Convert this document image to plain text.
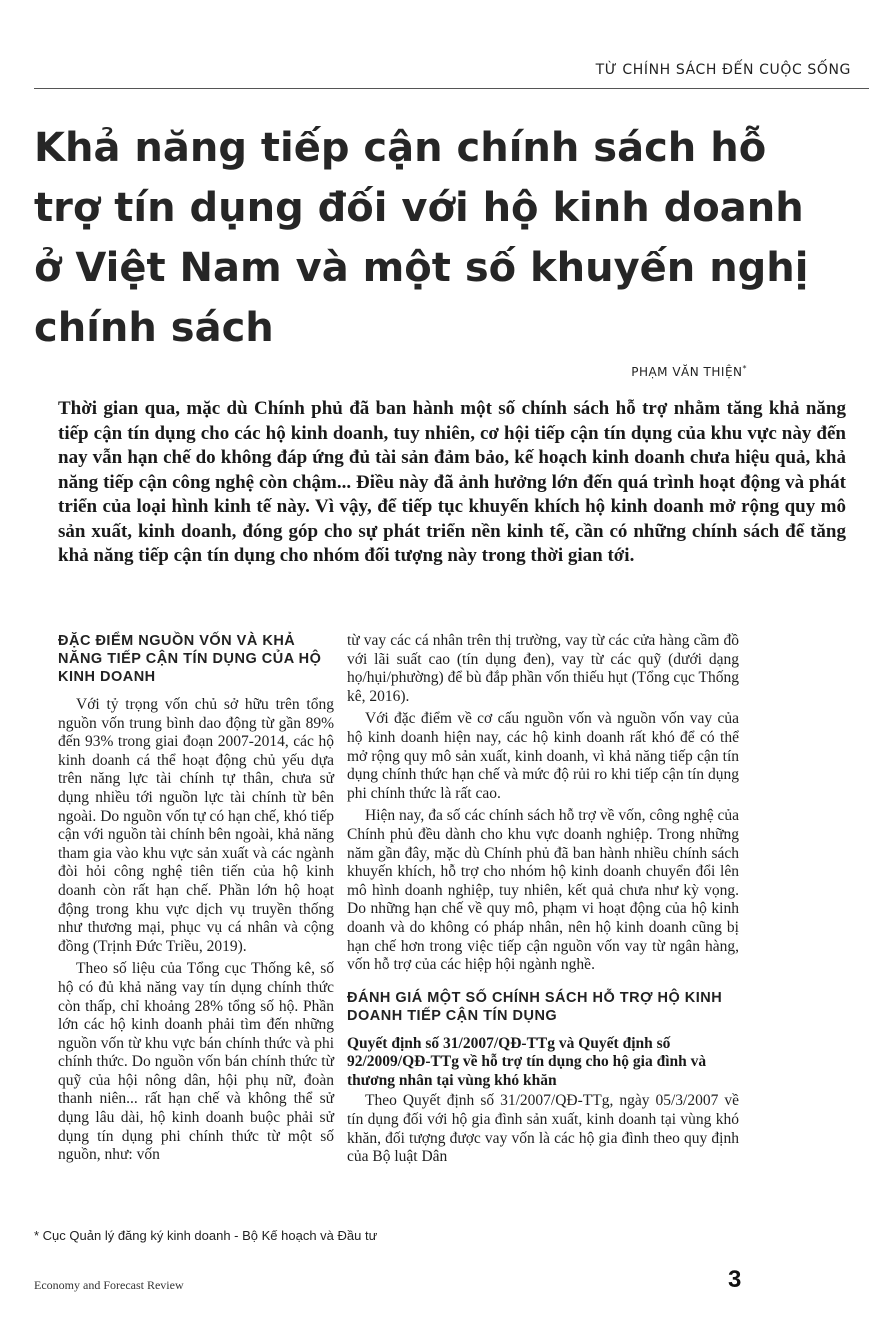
TỪ CHÍNH SÁCH ĐẾN CUỘC SỐNG
Khả năng tiếp cận chính sách hỗ trợ tín dụng đối với hộ kinh doanh ở Việt Nam và một số khuyến nghị chính sách
PHẠM VĂN THIỆN*

Thời gian qua, mặc dù Chính phủ đã ban hành một số chính sách hỗ trợ nhằm tăng khả năng tiếp cận tín dụng cho các hộ kinh doanh, tuy nhiên, cơ hội tiếp cận tín dụng của khu vực này đến nay vẫn hạn chế do không đáp ứng đủ tài sản đảm bảo, kế hoạch kinh doanh chưa hiệu quả, khả năng tiếp cận công nghệ còn chậm... Điều này đã ảnh hưởng lớn đến quá trình hoạt động và phát triển của loại hình kinh tế này. Vì vậy, để tiếp tục khuyến khích hộ kinh doanh mở rộng quy mô sản xuất, kinh doanh, đóng góp cho sự phát triển nền kinh tế, cần có những chính sách để tăng khả năng tiếp cận tín dụng cho nhóm đối tượng này trong thời gian tới.

ĐẶC ĐIỂM NGUỒN VỐN VÀ KHẢ NĂNG TIẾP CẬN TÍN DỤNG CỦA HỘ KINH DOANH

Với tỷ trọng vốn chủ sở hữu trên tổng nguồn vốn trung bình dao động từ gần 89% đến 93% trong giai đoạn 2007-2014, các hộ kinh doanh cá thể hoạt động chủ yếu dựa trên năng lực tài chính tự thân, chưa sử dụng nhiều tới nguồn lực tài chính từ bên ngoài. Do nguồn vốn tự có hạn chế, khó tiếp cận với nguồn tài chính bên ngoài, khả năng tham gia vào khu vực sản xuất và các ngành đòi hỏi công nghệ tiên tiến của hộ kinh doanh còn rất hạn chế. Phần lớn hộ hoạt động trong khu vực dịch vụ truyền thống như thương mại, phục vụ cá nhân và cộng đồng (Trịnh Đức Triều, 2019).

Theo số liệu của Tổng cục Thống kê, số hộ có đủ khả năng vay tín dụng chính thức còn thấp, chỉ khoảng 28% tổng số hộ. Phần lớn các hộ kinh doanh phải tìm đến những nguồn vốn từ khu vực bán chính thức và phi chính thức. Do nguồn vốn bán chính thức từ quỹ của hội nông dân, hội phụ nữ, đoàn thanh niên... rất hạn chế và không thể sử dụng lâu dài, hộ kinh doanh buộc phải sử dụng tín dụng phi chính thức từ một số nguồn, như: vốn

từ vay các cá nhân trên thị trường, vay từ các cửa hàng cầm đồ với lãi suất cao (tín dụng đen), vay từ các quỹ (dưới dạng họ/hụi/phường) để bù đắp phần vốn thiếu hụt (Tổng cục Thống kê, 2016).

Với đặc điểm về cơ cấu nguồn vốn và nguồn vốn vay của hộ kinh doanh hiện nay, các hộ kinh doanh rất khó để có thể mở rộng quy mô sản xuất, kinh doanh, vì khả năng tiếp cận tín dụng chính thức hạn chế và mức độ rủi ro khi tiếp cận tín dụng phi chính thức là rất cao.

Hiện nay, đa số các chính sách hỗ trợ về vốn, công nghệ của Chính phủ đều dành cho khu vực doanh nghiệp. Trong những năm gần đây, mặc dù Chính phủ đã ban hành nhiều chính sách khuyến khích, hỗ trợ cho nhóm hộ kinh doanh chuyển đổi lên mô hình doanh nghiệp, tuy nhiên, kết quả chưa như kỳ vọng. Do những hạn chế về quy mô, phạm vi hoạt động của hộ kinh doanh và do không có pháp nhân, nên hộ kinh doanh cũng bị hạn chế hơn trong việc tiếp cận nguồn vốn vay từ ngân hàng, vốn hỗ trợ của các hiệp hội ngành nghề.

ĐÁNH GIÁ MỘT SỐ CHÍNH SÁCH HỖ TRỢ HỘ KINH DOANH TIẾP CẬN TÍN DỤNG
Quyết định số 31/2007/QĐ-TTg và Quyết định số 92/2009/QĐ-TTg về hỗ trợ tín dụng cho hộ gia đình và thương nhân tại vùng khó khăn

Theo Quyết định số 31/2007/QĐ-TTg, ngày 05/3/2007 về tín dụng đối với hộ gia đình sản xuất, kinh doanh tại vùng khó khăn, đối tượng được vay vốn là các hộ gia đình theo quy định của Bộ luật Dân

* Cục Quản lý đăng ký kinh doanh - Bộ Kế hoạch và Đầu tư
Economy and Forecast Review	3
